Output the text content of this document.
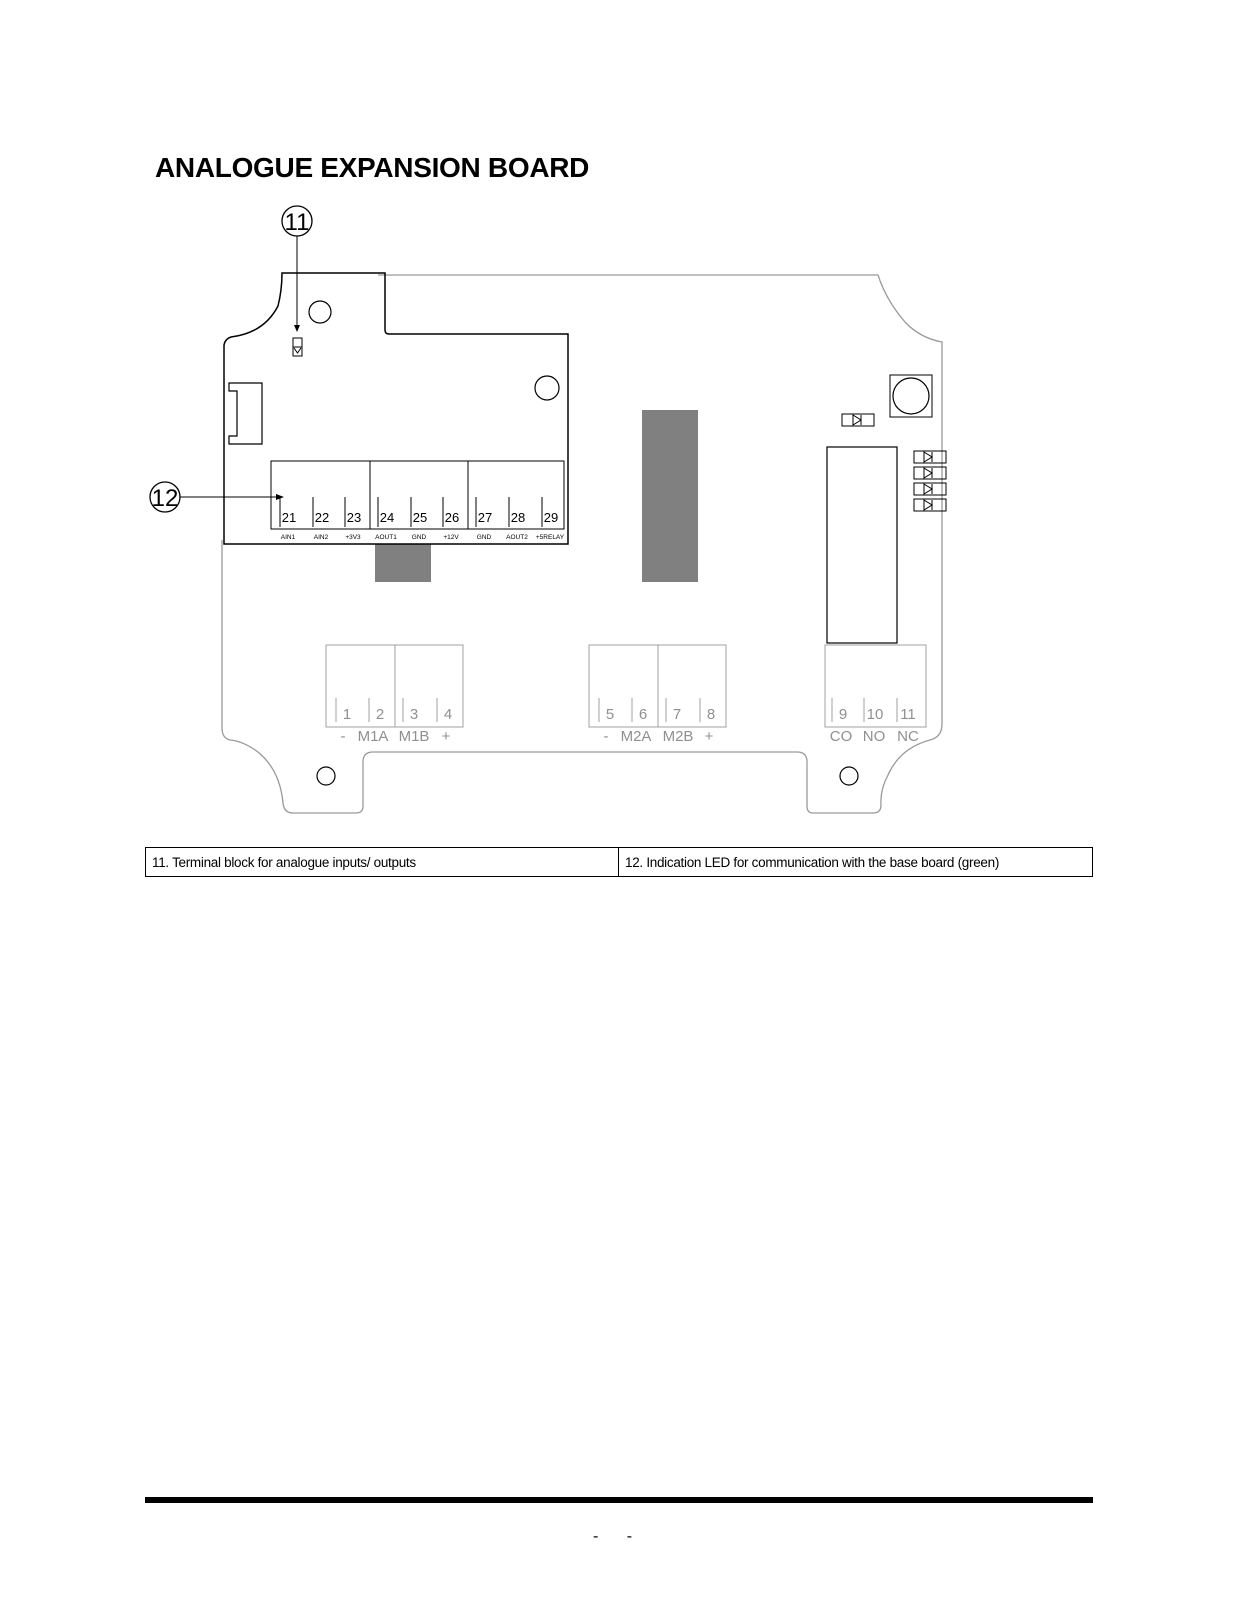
ANALOGUE EXPANSION BOARD
11
12
21 22 23 24 25 26 27 28 29
AIN1	AIN2	+3V3 AOUT1 GND	+12V	GND AOUT2 +5RELAY
1 2 3 4
- M1A M1B +
5 6 7 8
- M2A M2B +
9 10 11
CO NO NC
11. Terminal block for analogue inputs/ outputs	12. Indication LED for communication with the base board (green)
- -
